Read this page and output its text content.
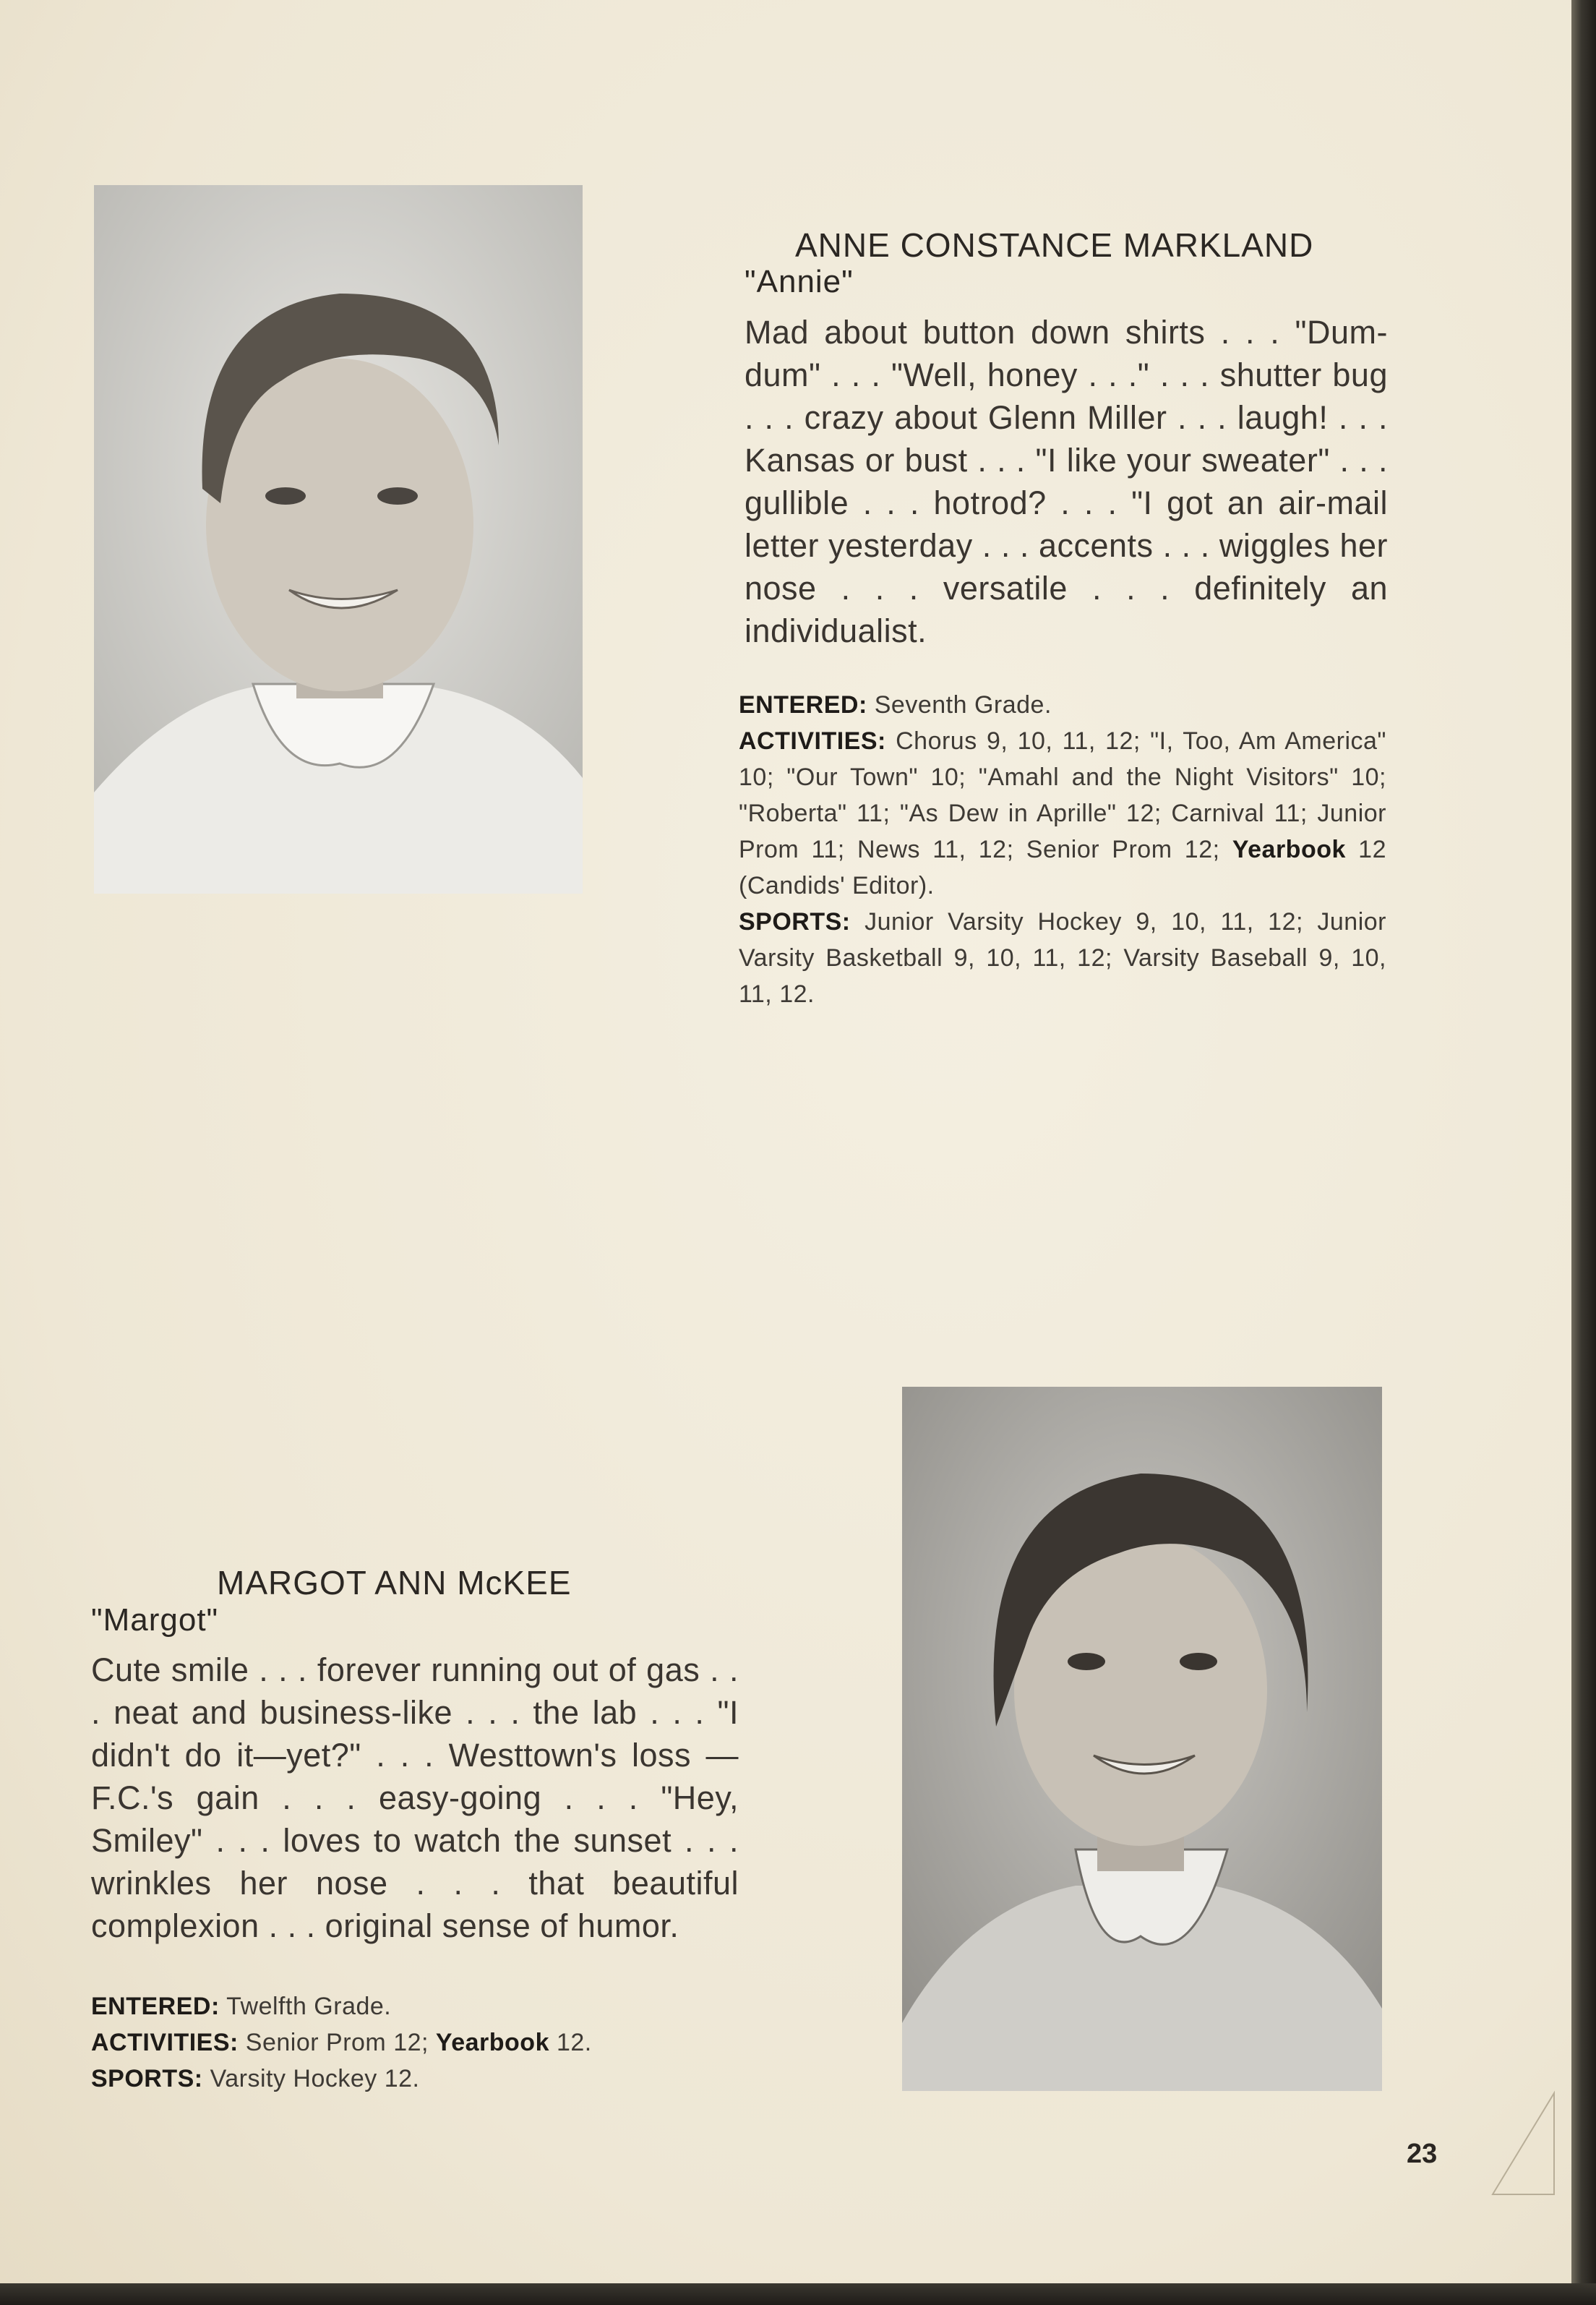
ANNE CONSTANCE MARKLAND
"Annie"
Mad about button down shirts . . . "Dum-dum" . . . "Well, honey . . ." . . . shutter bug . . . crazy about Glenn Miller . . . laugh! . . . Kansas or bust . . . "I like your sweater" . . . gullible . . . hotrod? . . . "I got an air-mail letter yesterday . . . accents . . . wiggles her nose . . . versatile . . . definitely an individualist.

ENTERED: Seventh Grade.

ACTIVITIES: Chorus 9, 10, 11, 12; "I, Too, Am America" 10; "Our Town" 10; "Amahl and the Night Visitors" 10; "Roberta" 11; "As Dew in Aprille" 12; Carnival 11; Junior Prom 11; News 11, 12; Senior Prom 12; Yearbook 12 (Candids' Editor).

SPORTS: Junior Varsity Hockey 9, 10, 11, 12; Junior Varsity Basketball 9, 10, 11, 12; Varsity Baseball 9, 10, 11, 12.

MARGOT ANN McKEE
"Margot"
Cute smile . . . forever running out of gas . . . neat and business-like . . . the lab . . . "I didn't do it—yet?" . . . Westtown's loss —F.C.'s gain . . . easy-going . . . "Hey, Smiley" . . . loves to watch the sunset . . . wrinkles her nose . . . that beautiful complexion . . . original sense of humor.

ENTERED: Twelfth Grade.

ACTIVITIES: Senior Prom 12; Yearbook 12.

SPORTS: Varsity Hockey 12.

23
